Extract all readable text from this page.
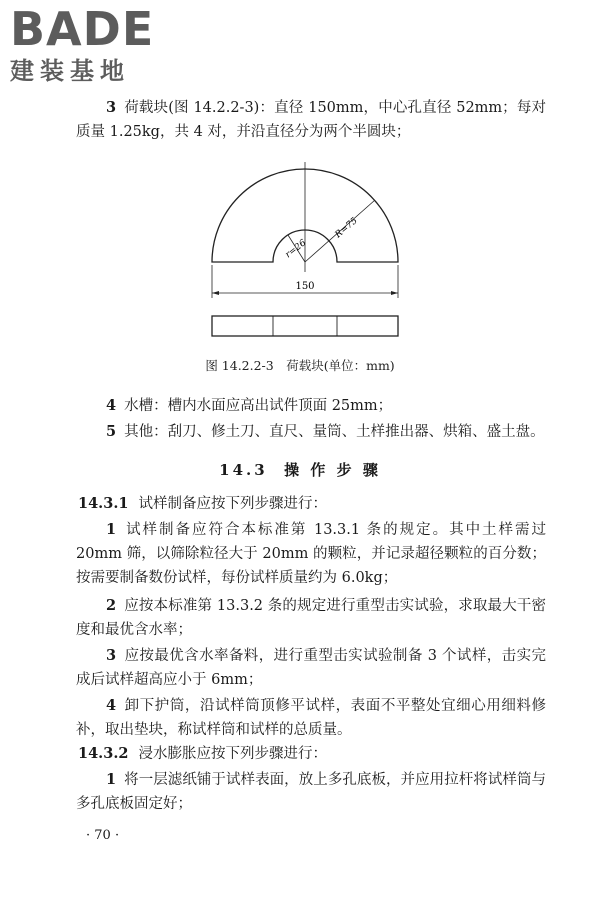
BADE
建装基地

3 荷载块(图 14.2.2-3)：直径 150mm，中心孔直径 52mm；每对质量 1.25kg，共 4 对，并沿直径分为两个半圆块；

r=26
R=75
150
图 14.2.2-3　荷载块(单位：mm)

4 水槽：槽内水面应高出试件顶面 25mm；

5 其他：刮刀、修土刀、直尺、量筒、土样推出器、烘箱、盛土盘。

14.3 操 作 步 骤

14.3.1 试样制备应按下列步骤进行：

1 试样制备应符合本标准第 13.3.1 条的规定。其中土样需过 20mm 筛，以筛除粒径大于 20mm 的颗粒，并记录超径颗粒的百分数；按需要制备数份试样，每份试样质量约为 6.0kg；

2 应按本标准第 13.3.2 条的规定进行重型击实试验，求取最大干密度和最优含水率；

3 应按最优含水率备料，进行重型击实试验制备 3 个试样，击实完成后试样超高应小于 6mm；

4 卸下护筒，沿试样筒顶修平试样，表面不平整处宜细心用细料修补，取出垫块，称试样筒和试样的总质量。

14.3.2 浸水膨胀应按下列步骤进行：

1 将一层滤纸铺于试样表面，放上多孔底板，并应用拉杆将试样筒与多孔底板固定好；

· 70 ·
